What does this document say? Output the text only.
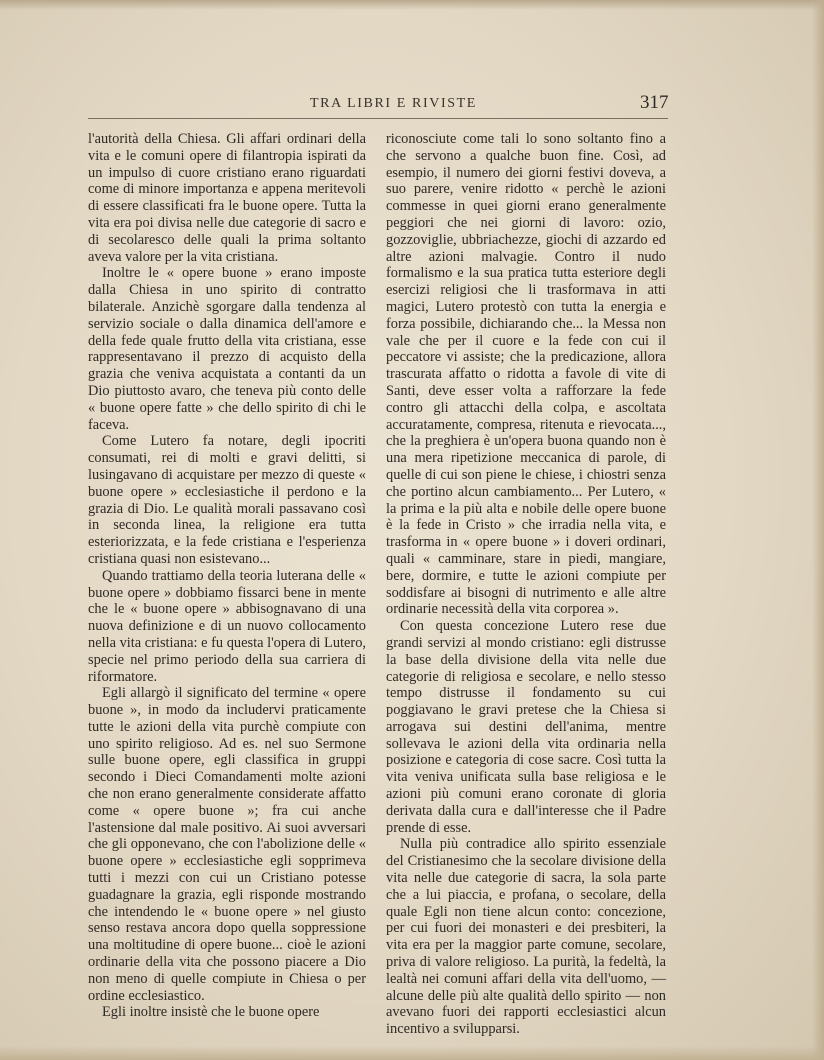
TRA LIBRI E RIVISTE	317

l'autorità della Chiesa. Gli affari ordinari della vita e le comuni opere di filantropia ispirati da un impulso di cuore cristiano erano riguardati come di minore importanza e appena meritevoli di essere classificati fra le buone opere. Tutta la vita era poi divisa nelle due categorie di sacro e di secolaresco delle quali la prima soltanto aveva valore per la vita cristiana.

Inoltre le « opere buone » erano imposte dalla Chiesa in uno spirito di contratto bilaterale. Anzichè sgorgare dalla tendenza al servizio sociale o dalla dinamica dell'amore e della fede quale frutto della vita cristiana, esse rappresentavano il prezzo di acquisto della grazia che veniva acquistata a contanti da un Dio piuttosto avaro, che teneva più conto delle « buone opere fatte » che dello spirito di chi le faceva.

Come Lutero fa notare, degli ipocriti consumati, rei di molti e gravi delitti, si lusingavano di acquistare per mezzo di queste « buone opere » ecclesiastiche il perdono e la grazia di Dio. Le qualità morali passavano così in seconda linea, la religione era tutta esteriorizzata, e la fede cristiana e l'esperienza cristiana quasi non esistevano...

Quando trattiamo della teoria luterana delle « buone opere » dobbiamo fissarci bene in mente che le « buone opere » abbisognavano di una nuova definizione e di un nuovo collocamento nella vita cristiana: e fu questa l'opera di Lutero, specie nel primo periodo della sua carriera di riformatore.

Egli allargò il significato del termine « opere buone », in modo da includervi praticamente tutte le azioni della vita purchè compiute con uno spirito religioso. Ad es. nel suo Sermone sulle buone opere, egli classifica in gruppi secondo i Dieci Comandamenti molte azioni che non erano generalmente considerate affatto come « opere buone »; fra cui anche l'astensione dal male positivo. Ai suoi avversari che gli opponevano, che con l'abolizione delle « buone opere » ecclesiastiche egli sopprimeva tutti i mezzi con cui un Cristiano potesse guadagnare la grazia, egli risponde mostrando che intendendo le « buone opere » nel giusto senso restava ancora dopo quella soppressione una moltitudine di opere buone... cioè le azioni ordinarie della vita che possono piacere a Dio non meno di quelle compiute in Chiesa o per ordine ecclesiastico.

Egli inoltre insistè che le buone opere

riconosciute come tali lo sono soltanto fino a che servono a qualche buon fine. Così, ad esempio, il numero dei giorni festivi doveva, a suo parere, venire ridotto « perchè le azioni commesse in quei giorni erano generalmente peggiori che nei giorni di lavoro: ozio, gozzoviglie, ubbriachezze, giochi di azzardo ed altre azioni malvagie. Contro il nudo formalismo e la sua pratica tutta esteriore degli esercizi religiosi che li trasformava in atti magici, Lutero protestò con tutta la energia e forza possibile, dichiarando che... la Messa non vale che per il cuore e la fede con cui il peccatore vi assiste; che la predicazione, allora trascurata affatto o ridotta a favole di vite di Santi, deve esser volta a rafforzare la fede contro gli attacchi della colpa, e ascoltata accuratamente, compresa, ritenuta e rievocata..., che la preghiera è un'opera buona quando non è una mera ripetizione meccanica di parole, di quelle di cui son piene le chiese, i chiostri senza che portino alcun cambiamento... Per Lutero, « la prima e la più alta e nobile delle opere buone è la fede in Cristo » che irradia nella vita, e trasforma in « opere buone » i doveri ordinari, quali « camminare, stare in piedi, mangiare, bere, dormire, e tutte le azioni compiute per soddisfare ai bisogni di nutrimento e alle altre ordinarie necessità della vita corporea ».

Con questa concezione Lutero rese due grandi servizi al mondo cristiano: egli distrusse la base della divisione della vita nelle due categorie di religiosa e secolare, e nello stesso tempo distrusse il fondamento su cui poggiavano le gravi pretese che la Chiesa si arrogava sui destini dell'anima, mentre sollevava le azioni della vita ordinaria nella posizione e categoria di cose sacre. Così tutta la vita veniva unificata sulla base religiosa e le azioni più comuni erano coronate di gloria derivata dalla cura e dall'interesse che il Padre prende di esse.

Nulla più contradice allo spirito essenziale del Cristianesimo che la secolare divisione della vita nelle due categorie di sacra, la sola parte che a lui piaccia, e profana, o secolare, della quale Egli non tiene alcun conto: concezione, per cui fuori dei monasteri e dei presbiteri, la vita era per la maggior parte comune, secolare, priva di valore religioso. La purità, la fedeltà, la lealtà nei comuni affari della vita dell'uomo, — alcune delle più alte qualità dello spirito — non avevano fuori dei rapporti ecclesiastici alcun incentivo a svilupparsi.
